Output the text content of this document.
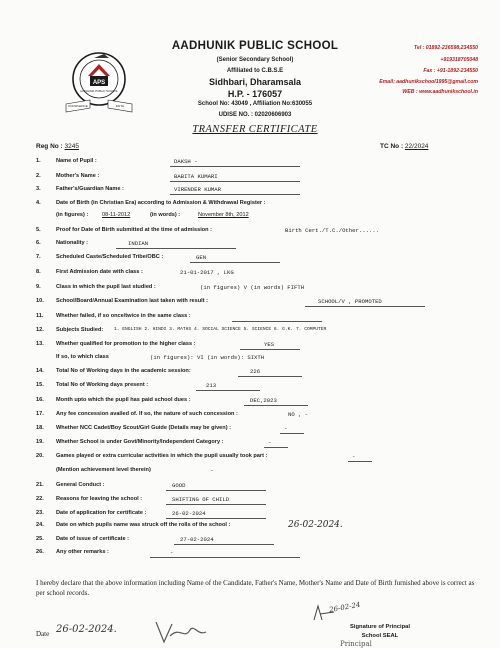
APS
AADHUNIK PUBLIC SCHOOL
KNOWLEDGE	FAITH
AADHUNIK PUBLIC SCHOOL
(Senior Secondary School)
Affiliated to C.B.S.E
Sidhbari, Dharamsala
H.P. - 176057
School No: 43049 , Affiliation No:630055
UDISE NO. : 02020606903
Tel : 01892-236598,234550
+919318705048
Fax : +91-1892-234550
Email: aadhunikschool1995@gmail.com
WEB : www.aadhunikschool.in
TRANSFER CERTIFICATE
Reg No : 3245	TC No : 22/2024
1.	Name of Pupil :	DAKSH -
2.	Mother's Name :	BABITA KUMARI
3.	Father's/Guardian Name :	VIRENDER KUMAR
4.	Date of Birth (in Christian Era) according to Admission & Withdrawal Register :
(in figures) : 08-11-2012	(in words) :	November 8th, 2012
5.	Proof for Date of Birth submitted at the time of admission :	Birth Cert./T.C./Other......
6.	Nationality :	INDIAN
7.	Scheduled Caste/Scheduled Tribe/OBC :	GEN
8.	First Admission date with class :	21-01-2017 , LKG
9.	Class in which the pupil last studied :	(in figures) V (in words) FIFTH
10. School/Board/Annual Examination last taken with result :	SCHOOL/V , PROMOTED
11. Whether failed, if so once/twice in the same class :
12. Subjects Studied: 1. ENGLISH 2. HINDI 3. MATHS 4. SOCIAL SCIENCE 5. SCIENCE 6. G.K. 7. COMPUTER
13. Whether qualified for promotion to the higher class :	YES
If so, to which class	(in figures): VI (in words): SIXTH
14. Total No of Working days in the academic session:	226
15. Total No of Working days present :	213
16. Month upto which the pupil has paid school dues :	DEC,2023
17. Any fee concession availed of. If so, the nature of such concession :	NO , -
18. Whether NCC Cadet/Boy Scout/Girl Guide (Details may be given) :	-
19. Whether School is under Govt/Minority/Independent Category :	-
20. Games played or extra curricular activities in which the pupil usually took part :	-
(Mention achievement level therein)	-
21. General Conduct :	GOOD
22. Reasons for leaving the school :	SHIFTING OF CHILD
23. Date of application for certificate :	26-02-2024
24. Date on which pupils name was struck off the rolls of the school :	26-02-2024.
25. Date of issue of certificate :	27-02-2024
26. Any other remarks :	-
I hereby declare that the above information including Name of the Candidate, Father's Name, Mother's Name and Date of Birth furnished above is correct as per school records.
Date 26-02-2024.
26-02-24
Signature of Principal
School SEAL
Principal
